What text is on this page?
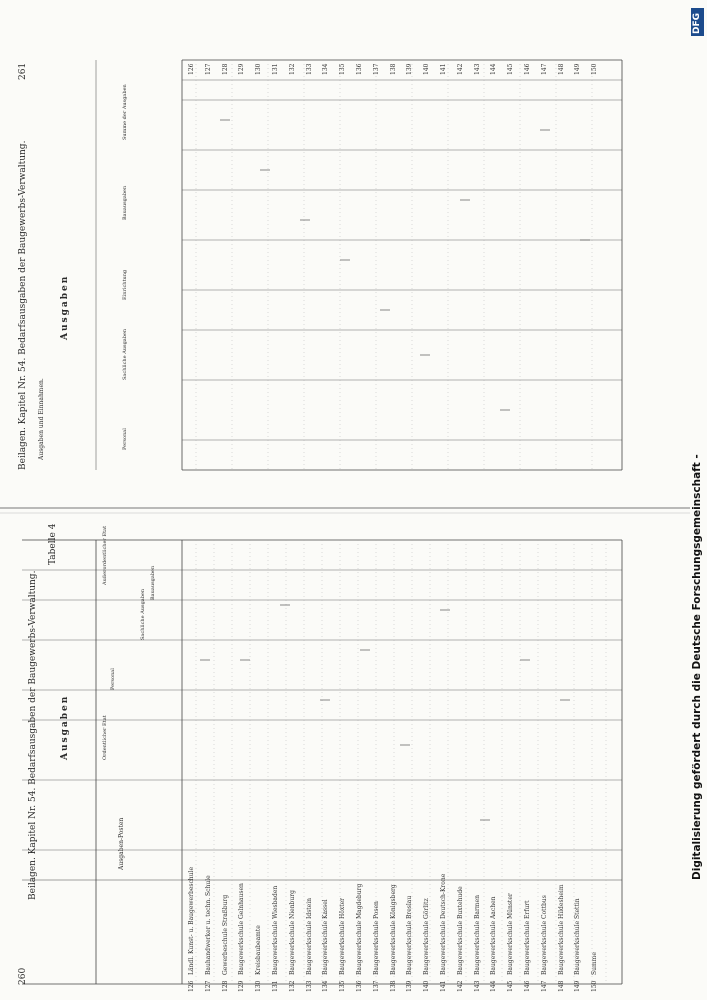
260
Beilagen. Kapitel Nr. 54. Bedarfsausgaben der Baugewerbs-Verwaltung.
Tabelle 4
Ausgaben
Ausgaben-Posten
Ordentlicher Etat
Personal
Sachliche Ausgaben
Bauausgaben
Außerordentlicher Etat
126
Ländl. Kunst- u. Baugewerbeschule
127
Bauhandwerker u. techn. Schule
128
Gewerbeschule Straßburg
129
Baugewerkschule Gelnhausen
130
Kreisbaubeamte
131
Baugewerkschule Wiesbaden
132
Baugewerkschule Nienburg
133
Baugewerkschule Idstein
134
Baugewerkschule Kassel
135
Baugewerkschule Höxter
136
Baugewerkschule Magdeburg
137
Baugewerkschule Posen
138
Baugewerkschule Königsberg
139
Baugewerkschule Breslau
140
Baugewerkschule Görlitz
141
Baugewerkschule Deutsch-Krone
142
Baugewerkschule Buxtehude
143
Baugewerkschule Barmen
144
Baugewerkschule Aachen
145
Baugewerkschule Münster
146
Baugewerkschule Erfurt
147
Baugewerkschule Cottbus
148
Baugewerkschule Hildesheim
149
Baugewerkschule Stettin
150
Summe
Beilagen. Kapitel Nr. 54. Bedarfsausgaben der Baugewerbs-Verwaltung.
261
Ausgaben und Einnahmen.
Ausgaben
Personal
Sachliche Ausgaben
Einrichtung
Bauausgaben
Summe der Ausgaben
126 127 128 129 130 131 132 133 134 135 136 137 138 139 140 141 142 143 144 145 146 147 148 149 150
Digitalisierung gefördert durch die Deutsche Forschungsgemeinschaft -
DFG
